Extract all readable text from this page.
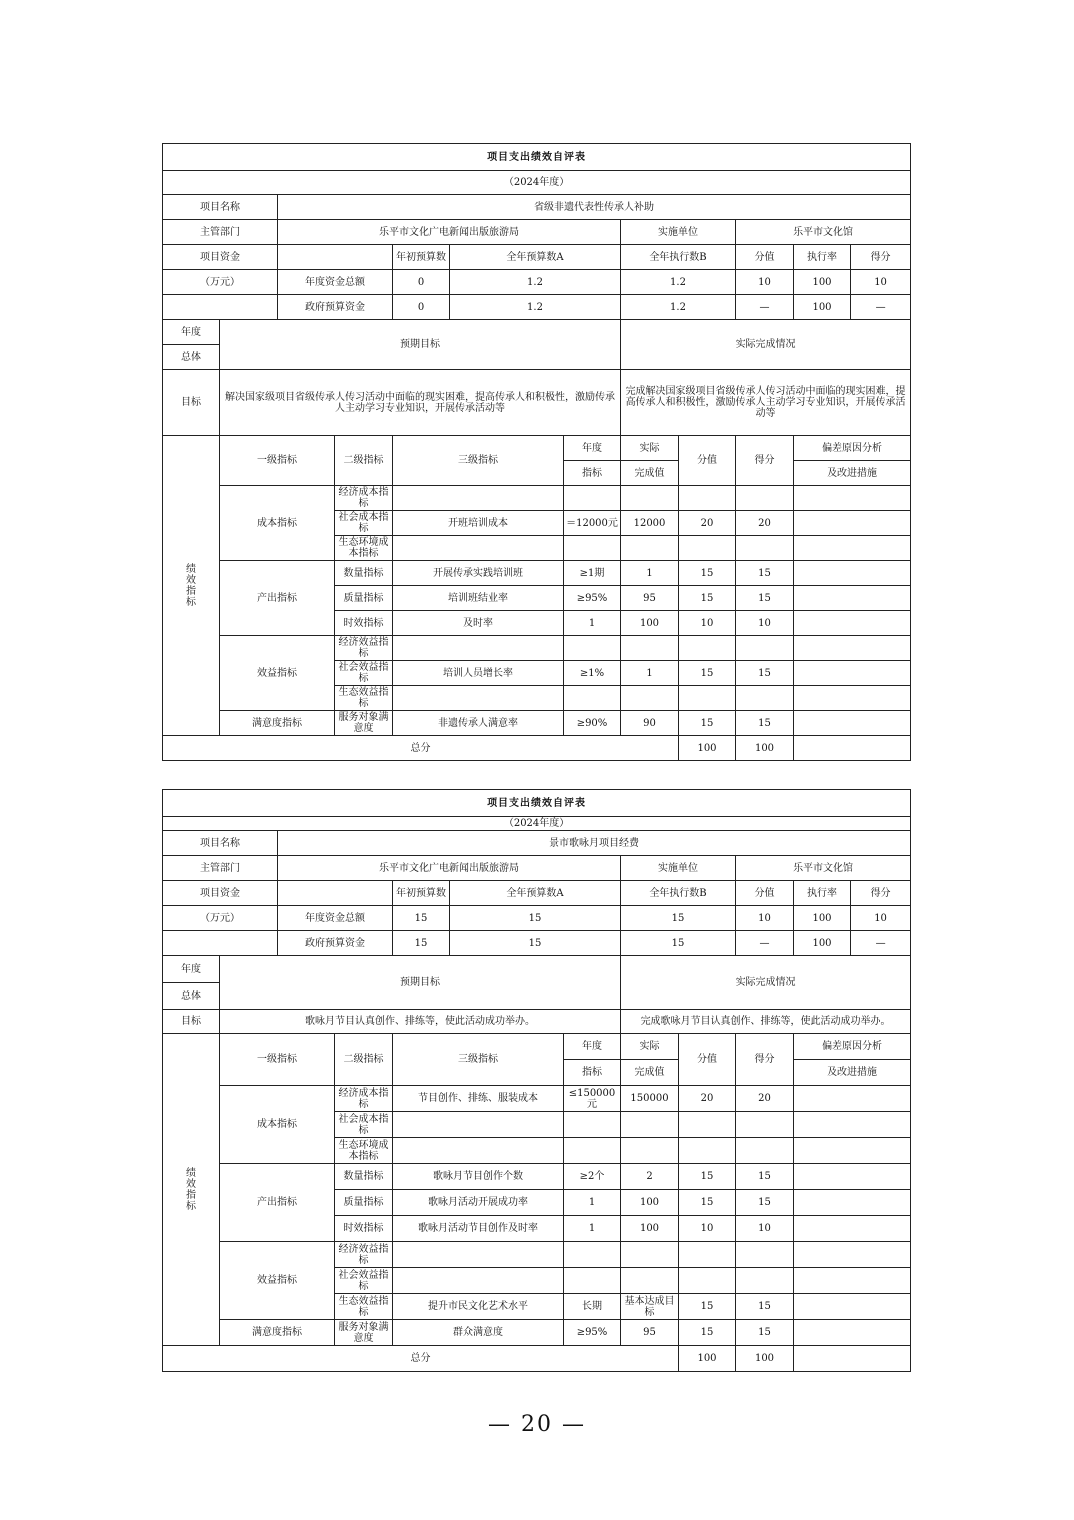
项目支出绩效自评表											
（2024年度）											
项目名称		省级非遗代表性传承人补助									
主管部门		乐平市文化广电新闻出版旅游局					实施单位		乐平市文化馆		
项目资金				年初预算数	全年预算数A		全年执行数B		分值	执行率	得分
（万元）		年度资金总额		0	1.2		1.2		10	100	10
		政府预算资金		0	1.2		1.2		—	100	—
年度	预期目标						实际完成情况				
总体											
目标	解决国家级项目省级传承人传习活动中面临的现实困难，提高传承人和积极性，激励传承人主动学习专业知识，开展传承活动等						完成解决国家级项目省级传承人传习活动中面临的现实困难，提高传承人和积极性，激励传承人主动学习专业知识，开展传承活动等				
绩效指标	一级指标		二级指标	三级指标		年度	实际	分值	得分	偏差原因分析	
						指标	完成值			及改进措施	
	成本指标		经济成本指标								
			社会成本指标	开班培训成本		＝12000元	12000	20	20		
			生态环境成本指标								
	产出指标		数量指标	开展传承实践培训班		≥1期	1	15	15		
			质量指标	培训班结业率		≥95%	95	15	15		
			时效指标	及时率		1	100	10	10		
	效益指标		经济效益指标								
			社会效益指标	培训人员增长率		≥1%	1	15	15		
			生态效益指标								
	满意度指标		服务对象满意度	非遗传承人满意率		≥90%	90	15	15		
总分								100	100		
项目支出绩效自评表											
（2024年度）											
项目名称		景市歌咏月项目经费									
主管部门		乐平市文化广电新闻出版旅游局					实施单位		乐平市文化馆		
项目资金				年初预算数	全年预算数A		全年执行数B		分值	执行率	得分
（万元）		年度资金总额		15	15		15		10	100	10
		政府预算资金		15	15		15		—	100	—
年度	预期目标						实际完成情况				
总体											
目标	歌咏月节目认真创作、排练等，使此活动成功举办。						完成歌咏月节目认真创作、排练等，使此活动成功举办。				
绩效指标	一级指标		二级指标	三级指标		年度	实际	分值	得分	偏差原因分析	
						指标	完成值			及改进措施	
	成本指标		经济成本指标	节目创作、排练、服装成本		≤150000元	150000	20	20		
			社会成本指标								
			生态环境成本指标								
	产出指标		数量指标	歌咏月节目创作个数		≥2个	2	15	15		
			质量指标	歌咏月活动开展成功率		1	100	15	15		
			时效指标	歌咏月活动节目创作及时率		1	100	10	10		
	效益指标		经济效益指标								
			社会效益指标								
			生态效益指标	提升市民文化艺术水平		长期	基本达成目标	15	15		
	满意度指标		服务对象满意度	群众满意度		≥95%	95	15	15		
总分								100	100		
— 20 —
